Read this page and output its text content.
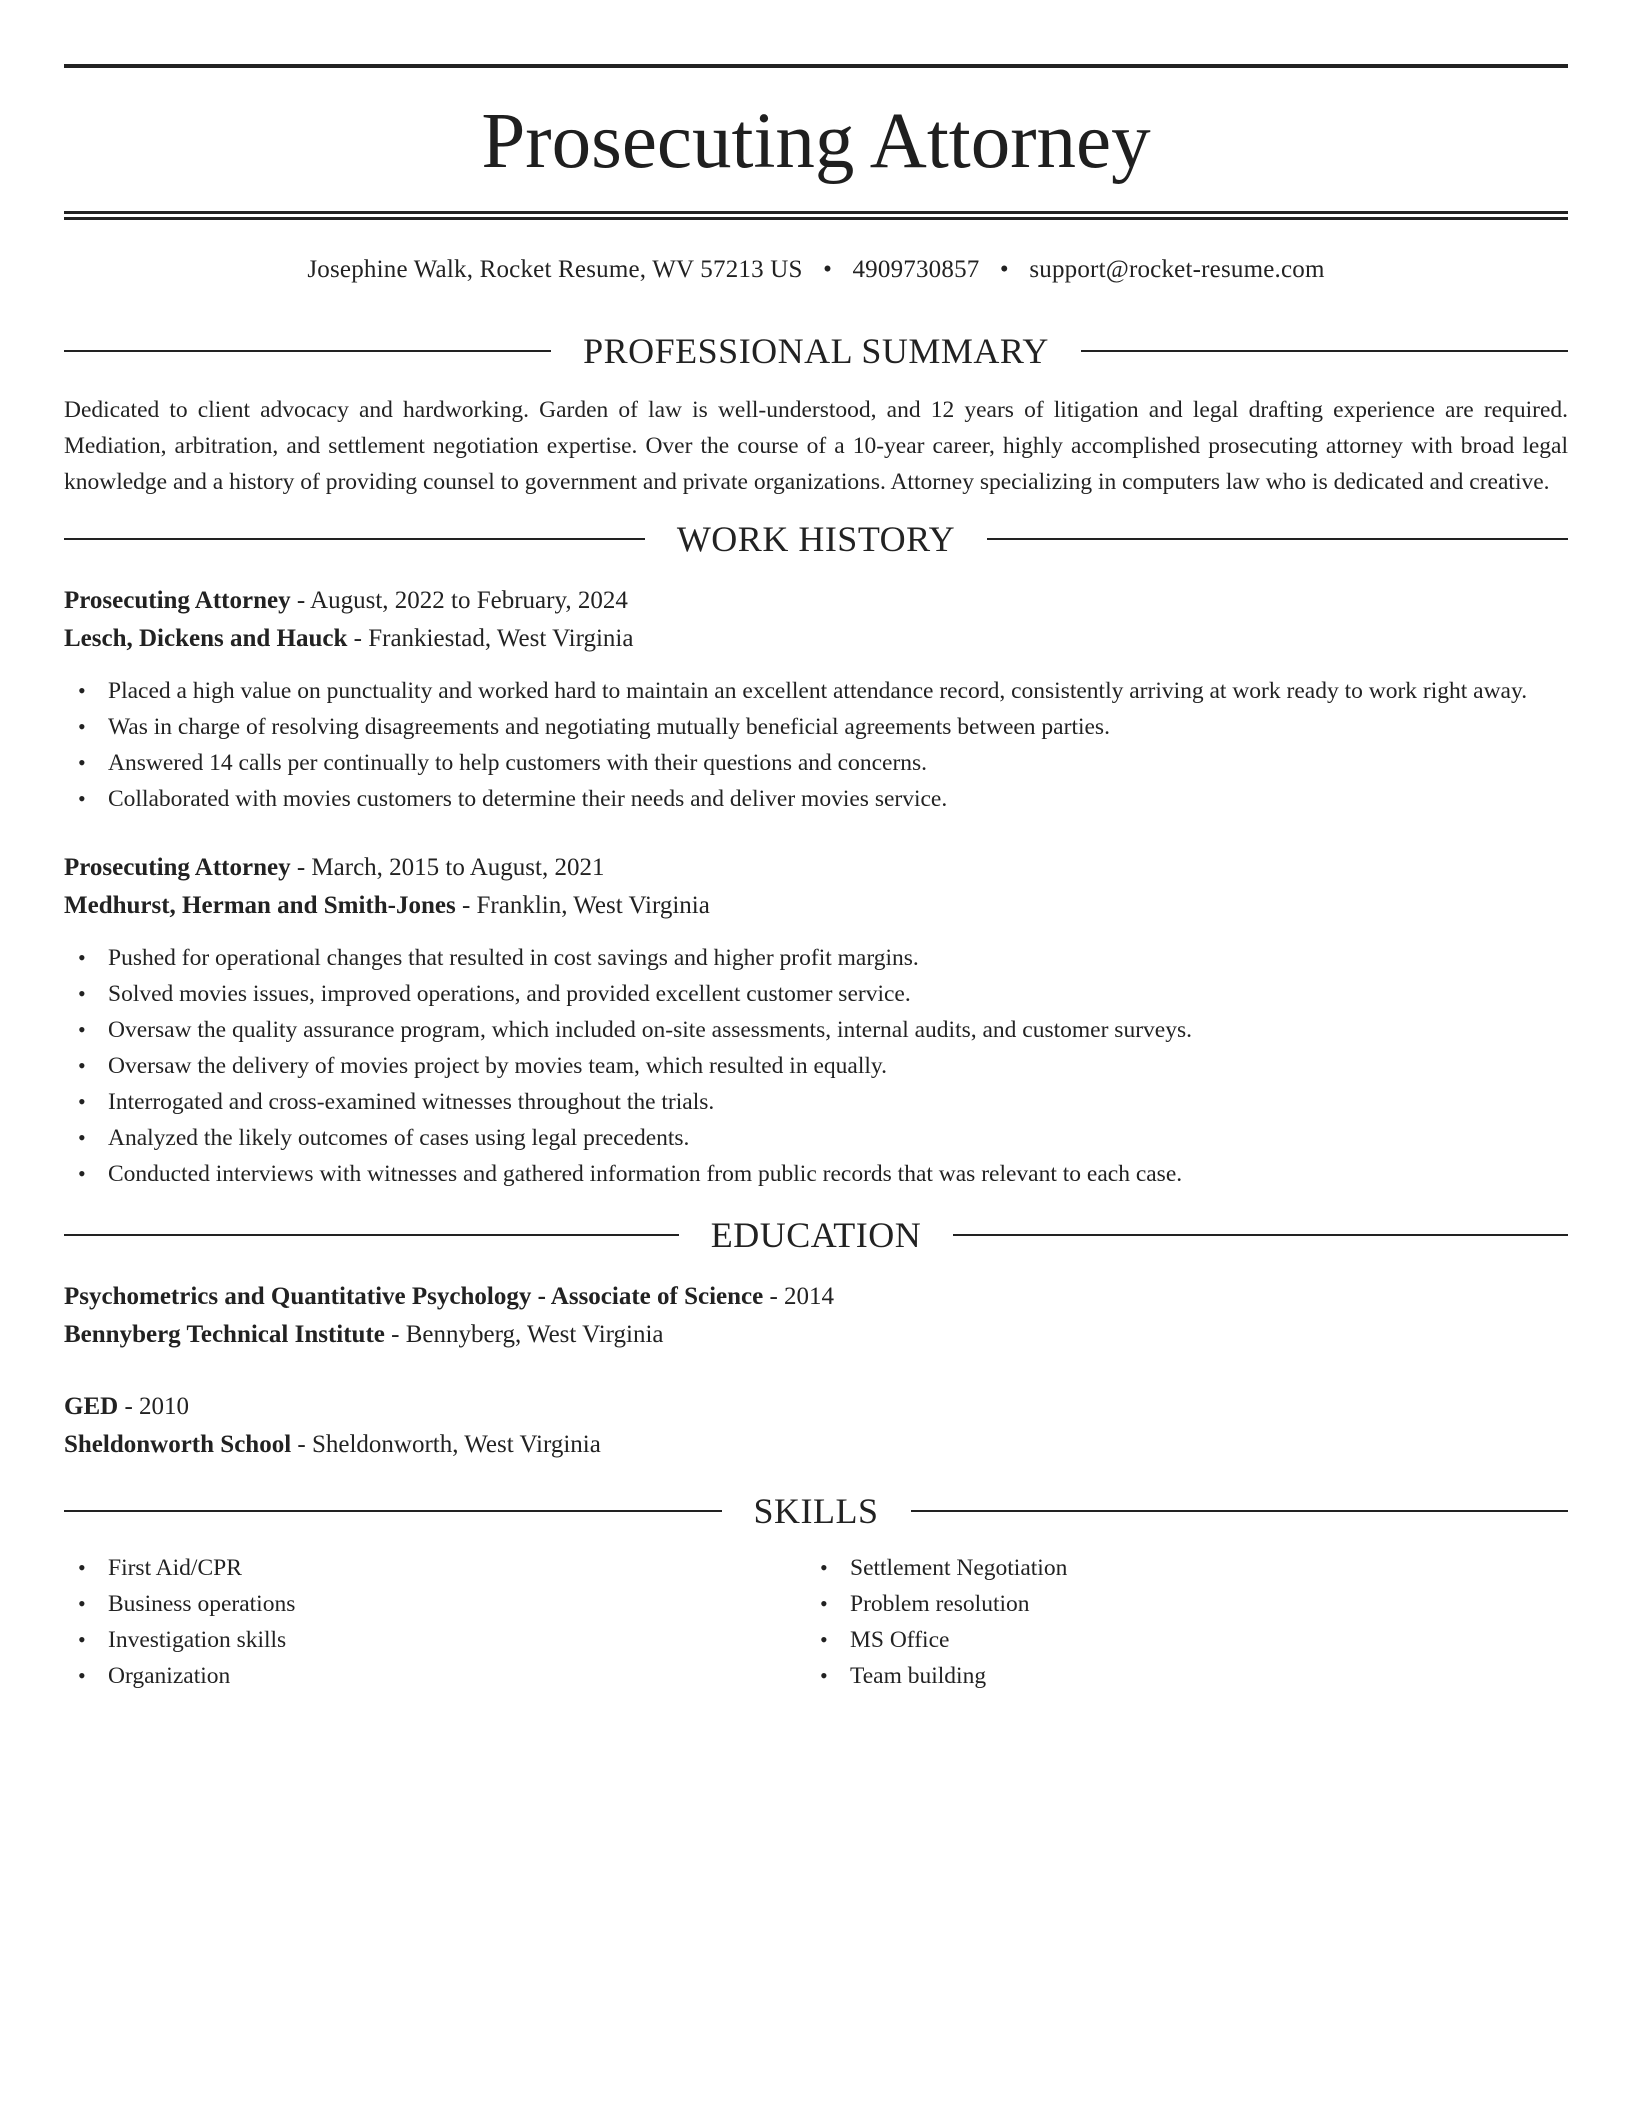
Prosecuting Attorney
Josephine Walk, Rocket Resume, WV 57213 US • 4909730857 • support@rocket-resume.com
PROFESSIONAL SUMMARY

Dedicated to client advocacy and hardworking. Garden of law is well-understood, and 12 years of litigation and legal drafting experience are required. Mediation, arbitration, and settlement negotiation expertise. Over the course of a 10-year career, highly accomplished prosecuting attorney with broad legal knowledge and a history of providing counsel to government and private organizations. Attorney specializing in computers law who is dedicated and creative.

WORK HISTORY
Prosecuting Attorney - August, 2022 to February, 2024
Lesch, Dickens and Hauck - Frankiestad, West Virginia
• Placed a high value on punctuality and worked hard to maintain an excellent attendance record, consistently arriving at work ready to work right away.
• Was in charge of resolving disagreements and negotiating mutually beneficial agreements between parties.
• Answered 14 calls per continually to help customers with their questions and concerns.
• Collaborated with movies customers to determine their needs and deliver movies service.
Prosecuting Attorney - March, 2015 to August, 2021
Medhurst, Herman and Smith-Jones - Franklin, West Virginia
• Pushed for operational changes that resulted in cost savings and higher profit margins.
• Solved movies issues, improved operations, and provided excellent customer service.
• Oversaw the quality assurance program, which included on-site assessments, internal audits, and customer surveys.
• Oversaw the delivery of movies project by movies team, which resulted in equally.
• Interrogated and cross-examined witnesses throughout the trials.
• Analyzed the likely outcomes of cases using legal precedents.
• Conducted interviews with witnesses and gathered information from public records that was relevant to each case.
EDUCATION
Psychometrics and Quantitative Psychology - Associate of Science - 2014
Bennyberg Technical Institute - Bennyberg, West Virginia
GED - 2010
Sheldonworth School - Sheldonworth, West Virginia
SKILLS
• First Aid/CPR
• Business operations
• Investigation skills
• Organization
• Settlement Negotiation
• Problem resolution
• MS Office
• Team building
